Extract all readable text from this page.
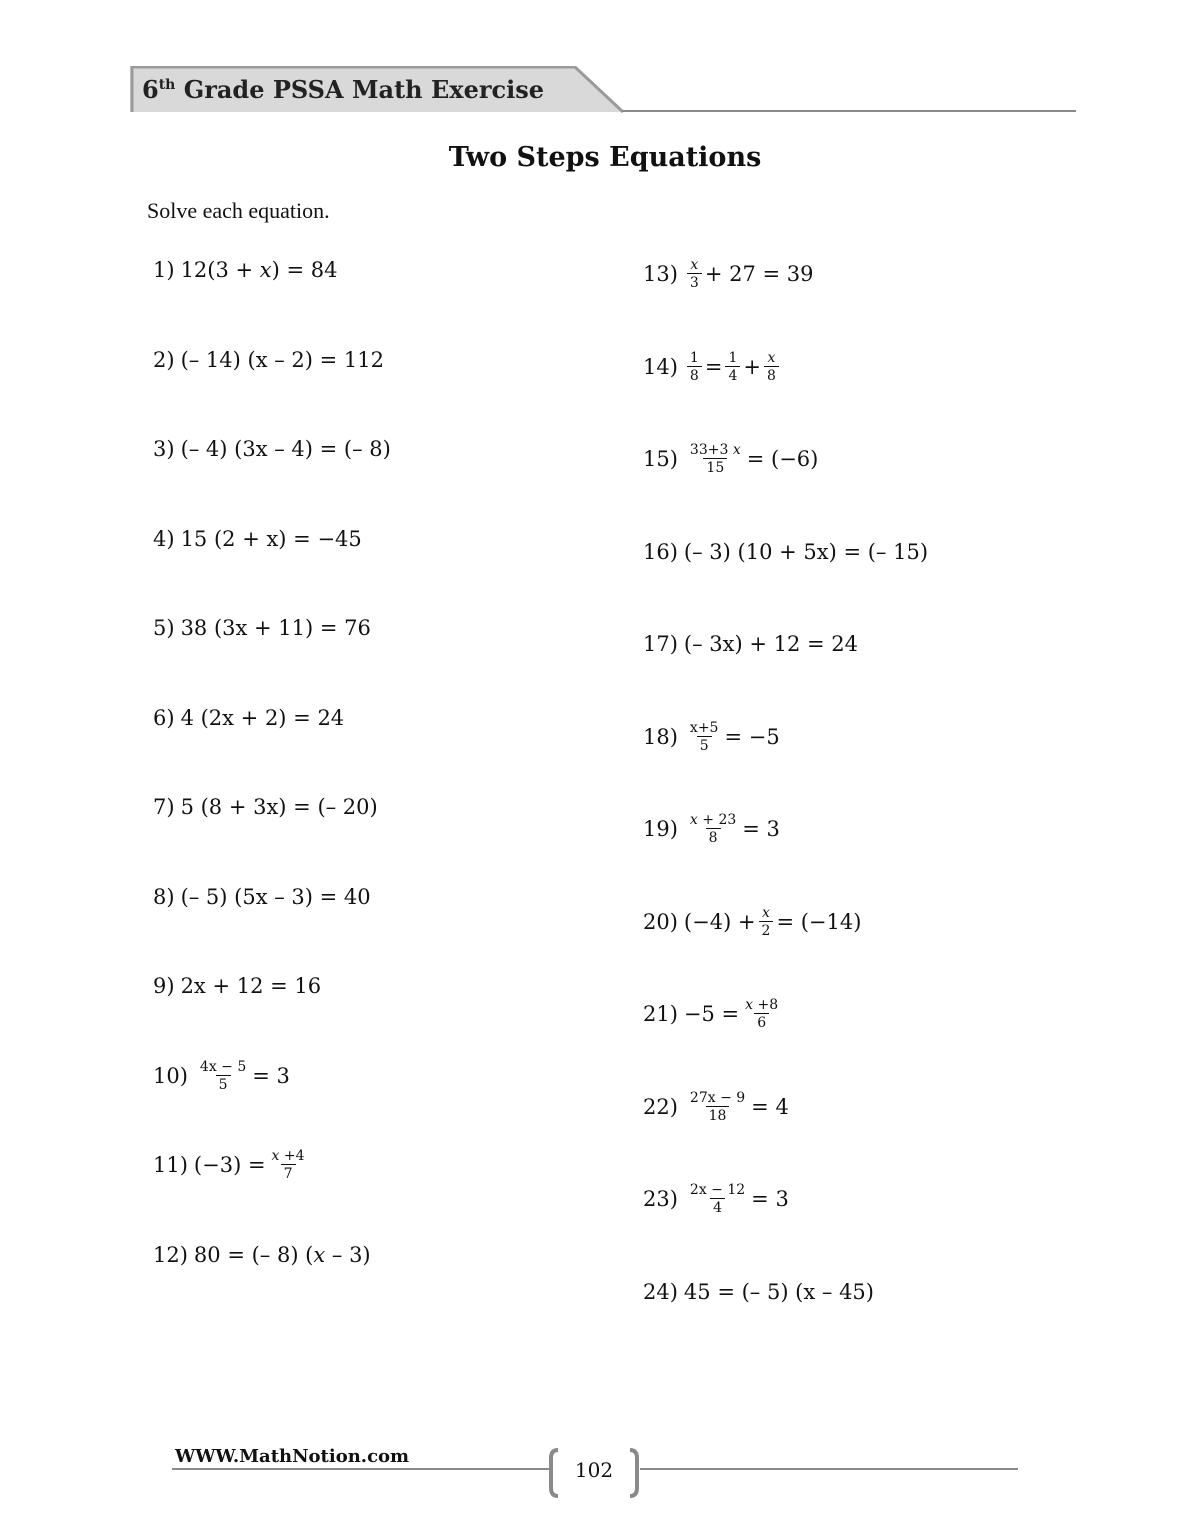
6th Grade PSSA Math Exercise
Two Steps Equations
Solve each equation.
1) 12(3 + 𝑥) = 84
2) (– 14) (x – 2) = 112
3) (– 4) (3x – 4) = (– 8)
4) 15 (2 + x) = −45
5) 38 (3x + 11) = 76
6) 4 (2x + 2) = 24
7) 5 (8 + 3x) = (– 20)
8) (– 5) (5x – 3) = 40
9) 2x + 12 = 16
$10) \frac{4x - 5}{5} = 3$
11) $(-3) = \frac{\text{𝑥 +4}}{7}$
12) 80 = (– 8) (𝑥 – 3)
$13) \frac{\text{𝑥}}{3} + 27 = 39$
$14) \frac{1}{8} = \frac{1}{4} + \frac{\text{𝑥}}{8}$
$15) \frac{\text{33+3 𝑥}}{15} = (-6)$
16) (– 3) (10 + 5x) = (– 15)
17) (– 3x) + 12 = 24
$18) \frac{x+5}{5} = -5$
$19) \frac{\text{𝑥 + 23}}{8} = 3$
20) $(-4) + \frac{\text{𝑥}}{2} = (-14)$
$21) -5 = \frac{\text{𝑥 +8}}{6}$
$22) \frac{27x - 9}{18} = 4$
$23) \frac{2x - 12}{4} = 3$
24) 45 = (– 5) (x – 45)
WWW.MathNotion.com
102
